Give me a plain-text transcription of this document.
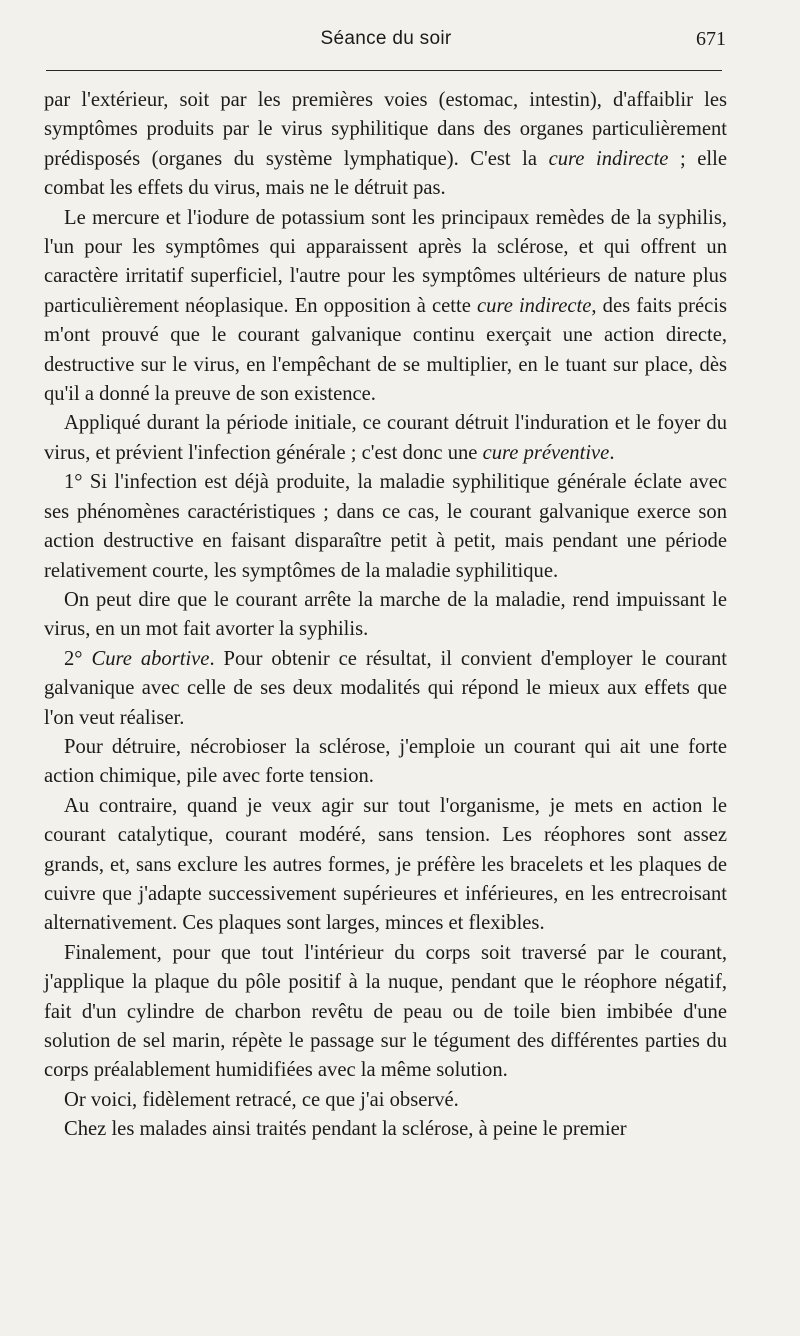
Séance du soir	671

par l'extérieur, soit par les premières voies (estomac, intestin), d'affaiblir les symptômes produits par le virus syphilitique dans des organes particulièrement prédisposés (organes du système lymphatique). C'est la cure indirecte ; elle combat les effets du virus, mais ne le détruit pas.

Le mercure et l'iodure de potassium sont les principaux remèdes de la syphilis, l'un pour les symptômes qui apparaissent après la sclérose, et qui offrent un caractère irritatif superficiel, l'autre pour les symptômes ultérieurs de nature plus particulièrement néoplasique. En opposition à cette cure indirecte, des faits précis m'ont prouvé que le courant galvanique continu exerçait une action directe, destructive sur le virus, en l'empêchant de se multiplier, en le tuant sur place, dès qu'il a donné la preuve de son existence.

Appliqué durant la période initiale, ce courant détruit l'induration et le foyer du virus, et prévient l'infection générale ; c'est donc une cure préventive.

1° Si l'infection est déjà produite, la maladie syphilitique générale éclate avec ses phénomènes caractéristiques ; dans ce cas, le courant galvanique exerce son action destructive en faisant disparaître petit à petit, mais pendant une période relativement courte, les symptômes de la maladie syphilitique.

On peut dire que le courant arrête la marche de la maladie, rend impuissant le virus, en un mot fait avorter la syphilis.

2° Cure abortive. Pour obtenir ce résultat, il convient d'employer le courant galvanique avec celle de ses deux modalités qui répond le mieux aux effets que l'on veut réaliser.

Pour détruire, nécrobioser la sclérose, j'emploie un courant qui ait une forte action chimique, pile avec forte tension.

Au contraire, quand je veux agir sur tout l'organisme, je mets en action le courant catalytique, courant modéré, sans tension. Les réophores sont assez grands, et, sans exclure les autres formes, je préfère les bracelets et les plaques de cuivre que j'adapte successivement supérieures et inférieures, en les entrecroisant alternativement. Ces plaques sont larges, minces et flexibles.

Finalement, pour que tout l'intérieur du corps soit traversé par le courant, j'applique la plaque du pôle positif à la nuque, pendant que le réophore négatif, fait d'un cylindre de charbon revêtu de peau ou de toile bien imbibée d'une solution de sel marin, répète le passage sur le tégument des différentes parties du corps préalablement humidifiées avec la même solution.

Or voici, fidèlement retracé, ce que j'ai observé.

Chez les malades ainsi traités pendant la sclérose, à peine le premier
